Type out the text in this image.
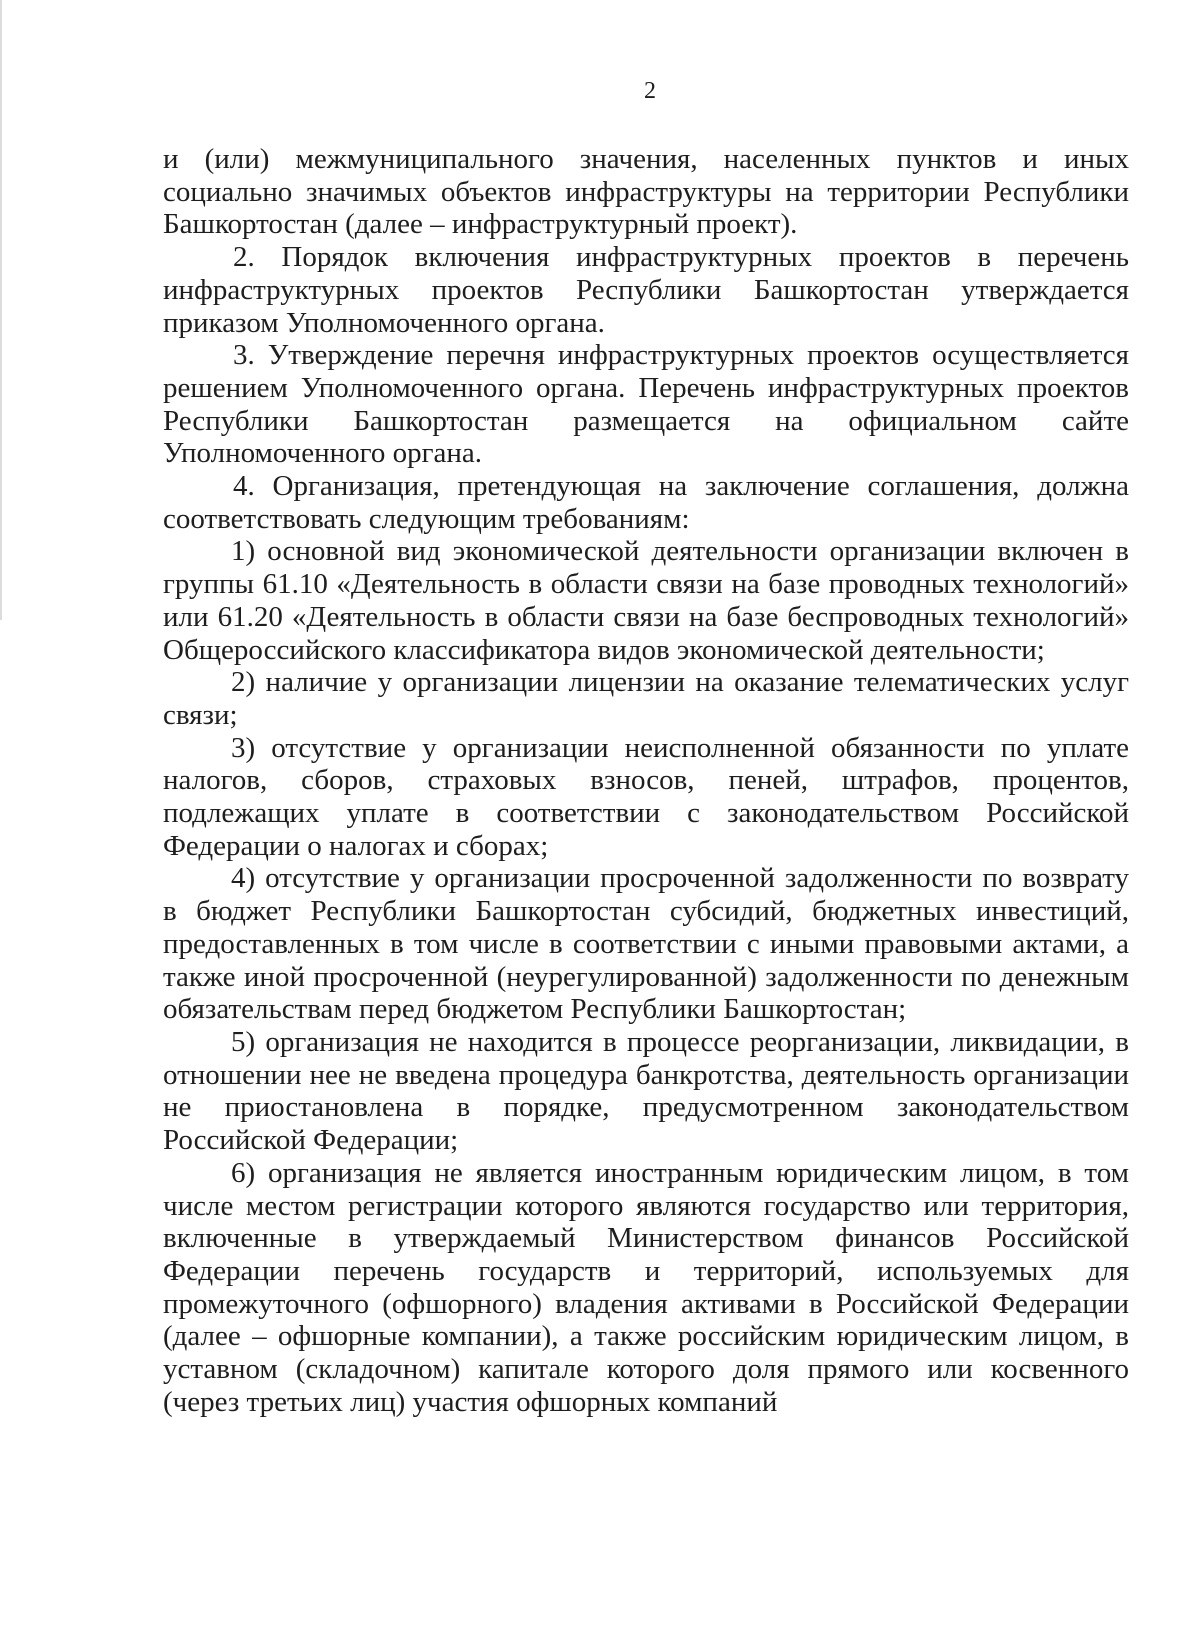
2

и (или) межмуниципального значения, населенных пунктов и иных социально значимых объектов инфраструктуры на территории Республики Башкортостан (далее – инфраструктурный проект).

2. Порядок включения инфраструктурных проектов в перечень инфраструктурных проектов Республики Башкортостан утверждается приказом Уполномоченного органа.

3. Утверждение перечня инфраструктурных проектов осуществляется решением Уполномоченного органа. Перечень инфраструктурных проектов Республики Башкортостан размещается на официальном сайте Уполномоченного органа.

4. Организация, претендующая на заключение соглашения, должна соответствовать следующим требованиям:

1) основной вид экономической деятельности организации включен в группы 61.10 «Деятельность в области связи на базе проводных технологий» или 61.20 «Деятельность в области связи на базе беспроводных технологий» Общероссийского классификатора видов экономической деятельности;

2) наличие у организации лицензии на оказание телематических услуг связи;

3) отсутствие у организации неисполненной обязанности по уплате налогов, сборов, страховых взносов, пеней, штрафов, процентов, подлежащих уплате в соответствии с законодательством Российской Федерации о налогах и сборах;

4) отсутствие у организации просроченной задолженности по возврату в бюджет Республики Башкортостан субсидий, бюджетных инвестиций, предоставленных в том числе в соответствии с иными правовыми актами, а также иной просроченной (неурегулированной) задолженности по денежным обязательствам перед бюджетом Республики Башкортостан;

5) организация не находится в процессе реорганизации, ликвидации, в отношении нее не введена процедура банкротства, деятельность организации не приостановлена в порядке, предусмотренном законодательством Российской Федерации;

6) организация не является иностранным юридическим лицом, в том числе местом регистрации которого являются государство или территория, включенные в утверждаемый Министерством финансов Российской Федерации перечень государств и территорий, используемых для промежуточного (офшорного) владения активами в Российской Федерации (далее – офшорные компании), а также российским юридическим лицом, в уставном (складочном) капитале которого доля прямого или косвенного (через третьих лиц) участия офшорных компаний
